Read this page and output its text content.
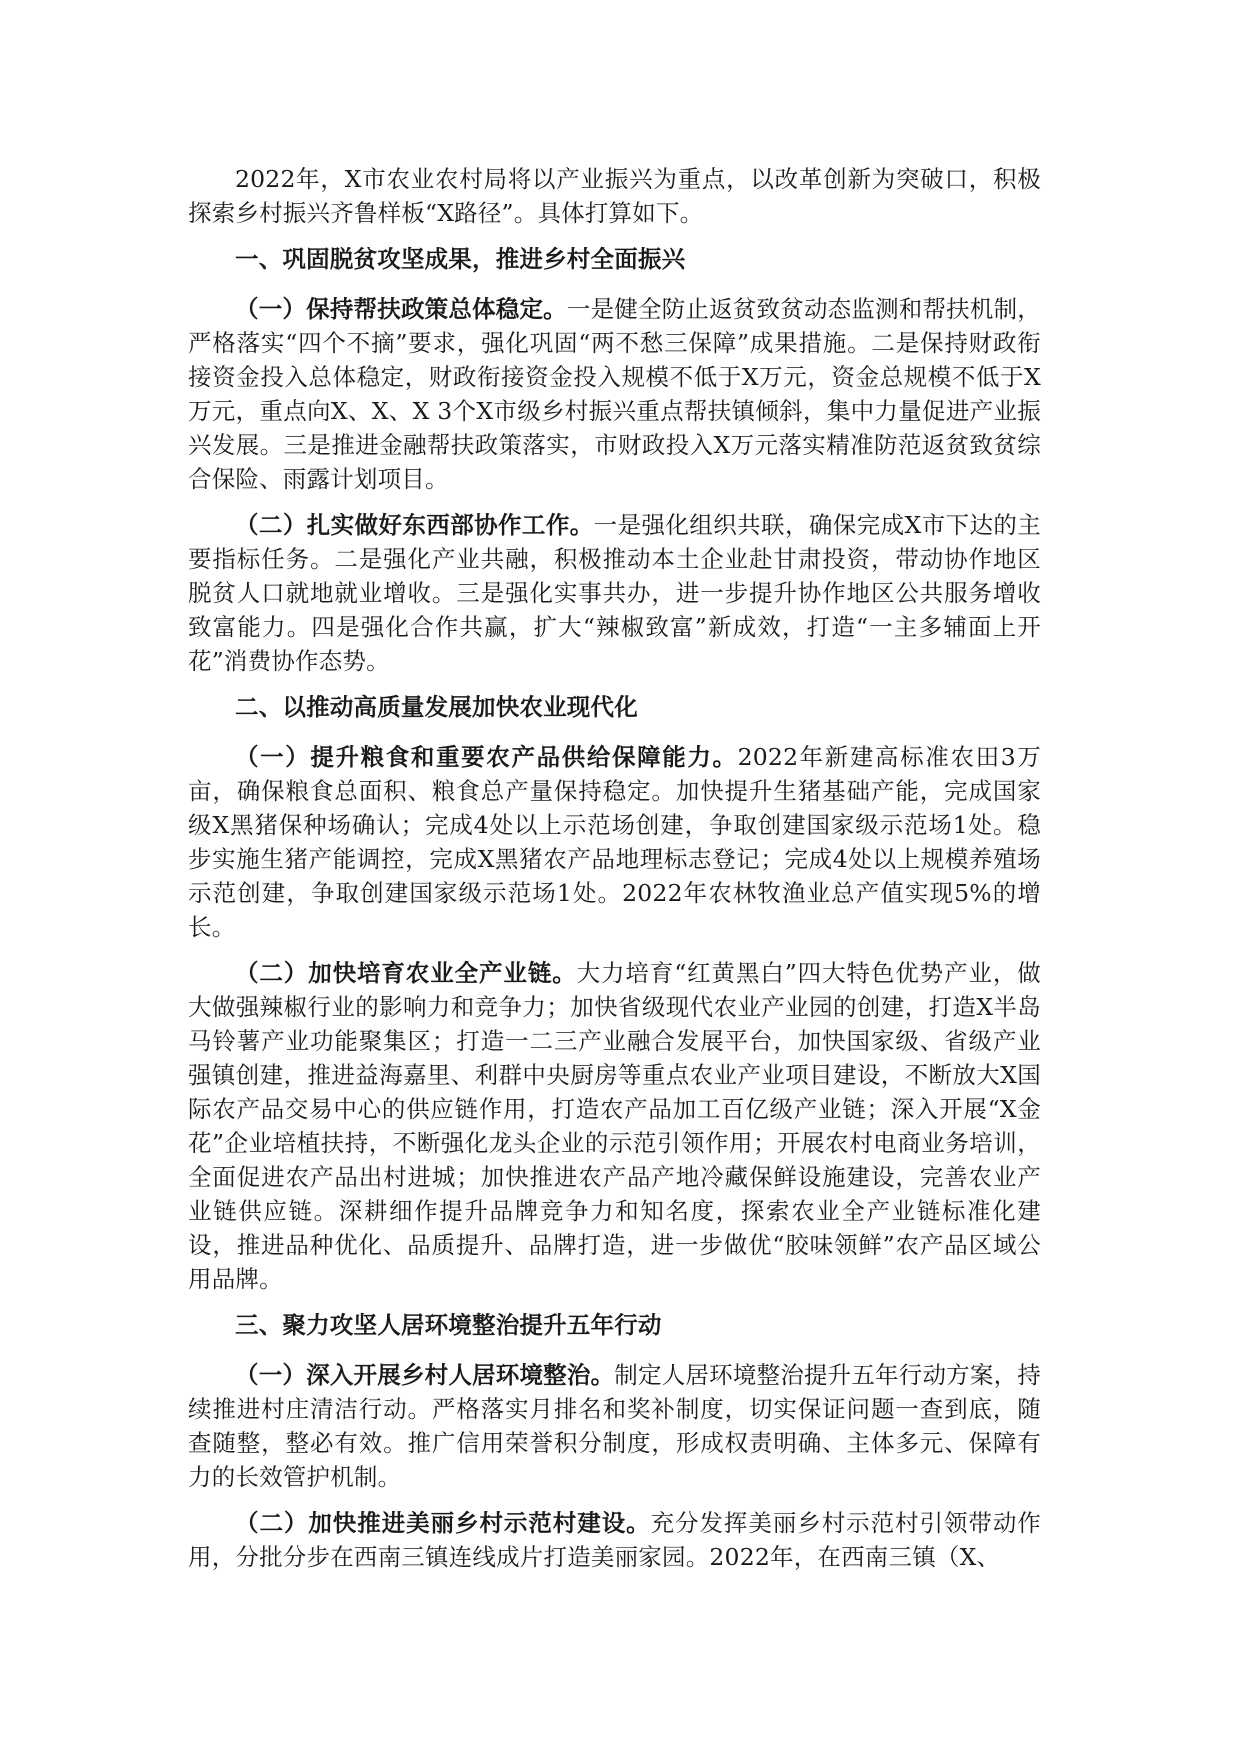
2022年，X市农业农村局将以产业振兴为重点，以改革创新为突破口，积极探索乡村振兴齐鲁样板“X路径”。具体打算如下。

一、巩固脱贫攻坚成果，推进乡村全面振兴

（一）保持帮扶政策总体稳定。一是健全防止返贫致贫动态监测和帮扶机制，严格落实“四个不摘”要求，强化巩固“两不愁三保障”成果措施。二是保持财政衔接资金投入总体稳定，财政衔接资金投入规模不低于X万元，资金总规模不低于X万元，重点向X、X、X 3个X市级乡村振兴重点帮扶镇倾斜，集中力量促进产业振兴发展。三是推进金融帮扶政策落实，市财政投入X万元落实精准防范返贫致贫综合保险、雨露计划项目。

（二）扎实做好东西部协作工作。一是强化组织共联，确保完成X市下达的主要指标任务。二是强化产业共融，积极推动本土企业赴甘肃投资，带动协作地区脱贫人口就地就业增收。三是强化实事共办，进一步提升协作地区公共服务增收致富能力。四是强化合作共赢，扩大“辣椒致富”新成效，打造“一主多辅面上开花”消费协作态势。

二、以推动高质量发展加快农业现代化

（一）提升粮食和重要农产品供给保障能力。2022年新建高标准农田3万亩，确保粮食总面积、粮食总产量保持稳定。加快提升生猪基础产能，完成国家级X黑猪保种场确认；完成4处以上示范场创建，争取创建国家级示范场1处。稳步实施生猪产能调控，完成X黑猪农产品地理标志登记；完成4处以上规模养殖场示范创建，争取创建国家级示范场1处。2022年农林牧渔业总产值实现5%的增长。

（二）加快培育农业全产业链。大力培育“红黄黑白”四大特色优势产业，做大做强辣椒行业的影响力和竞争力；加快省级现代农业产业园的创建，打造X半岛马铃薯产业功能聚集区；打造一二三产业融合发展平台，加快国家级、省级产业强镇创建，推进益海嘉里、利群中央厨房等重点农业产业项目建设，不断放大X国际农产品交易中心的供应链作用，打造农产品加工百亿级产业链；深入开展“X金花”企业培植扶持，不断强化龙头企业的示范引领作用；开展农村电商业务培训，全面促进农产品出村进城；加快推进农产品产地冷藏保鲜设施建设，完善农业产业链供应链。深耕细作提升品牌竞争力和知名度，探索农业全产业链标准化建设，推进品种优化、品质提升、品牌打造，进一步做优“胶味领鲜”农产品区域公用品牌。

三、聚力攻坚人居环境整治提升五年行动

（一）深入开展乡村人居环境整治。制定人居环境整治提升五年行动方案，持续推进村庄清洁行动。严格落实月排名和奖补制度，切实保证问题一查到底，随查随整，整必有效。推广信用荣誉积分制度，形成权责明确、主体多元、保障有力的长效管护机制。

（二）加快推进美丽乡村示范村建设。充分发挥美丽乡村示范村引领带动作用，分批分步在西南三镇连线成片打造美丽家园。2022年，在西南三镇（X、
